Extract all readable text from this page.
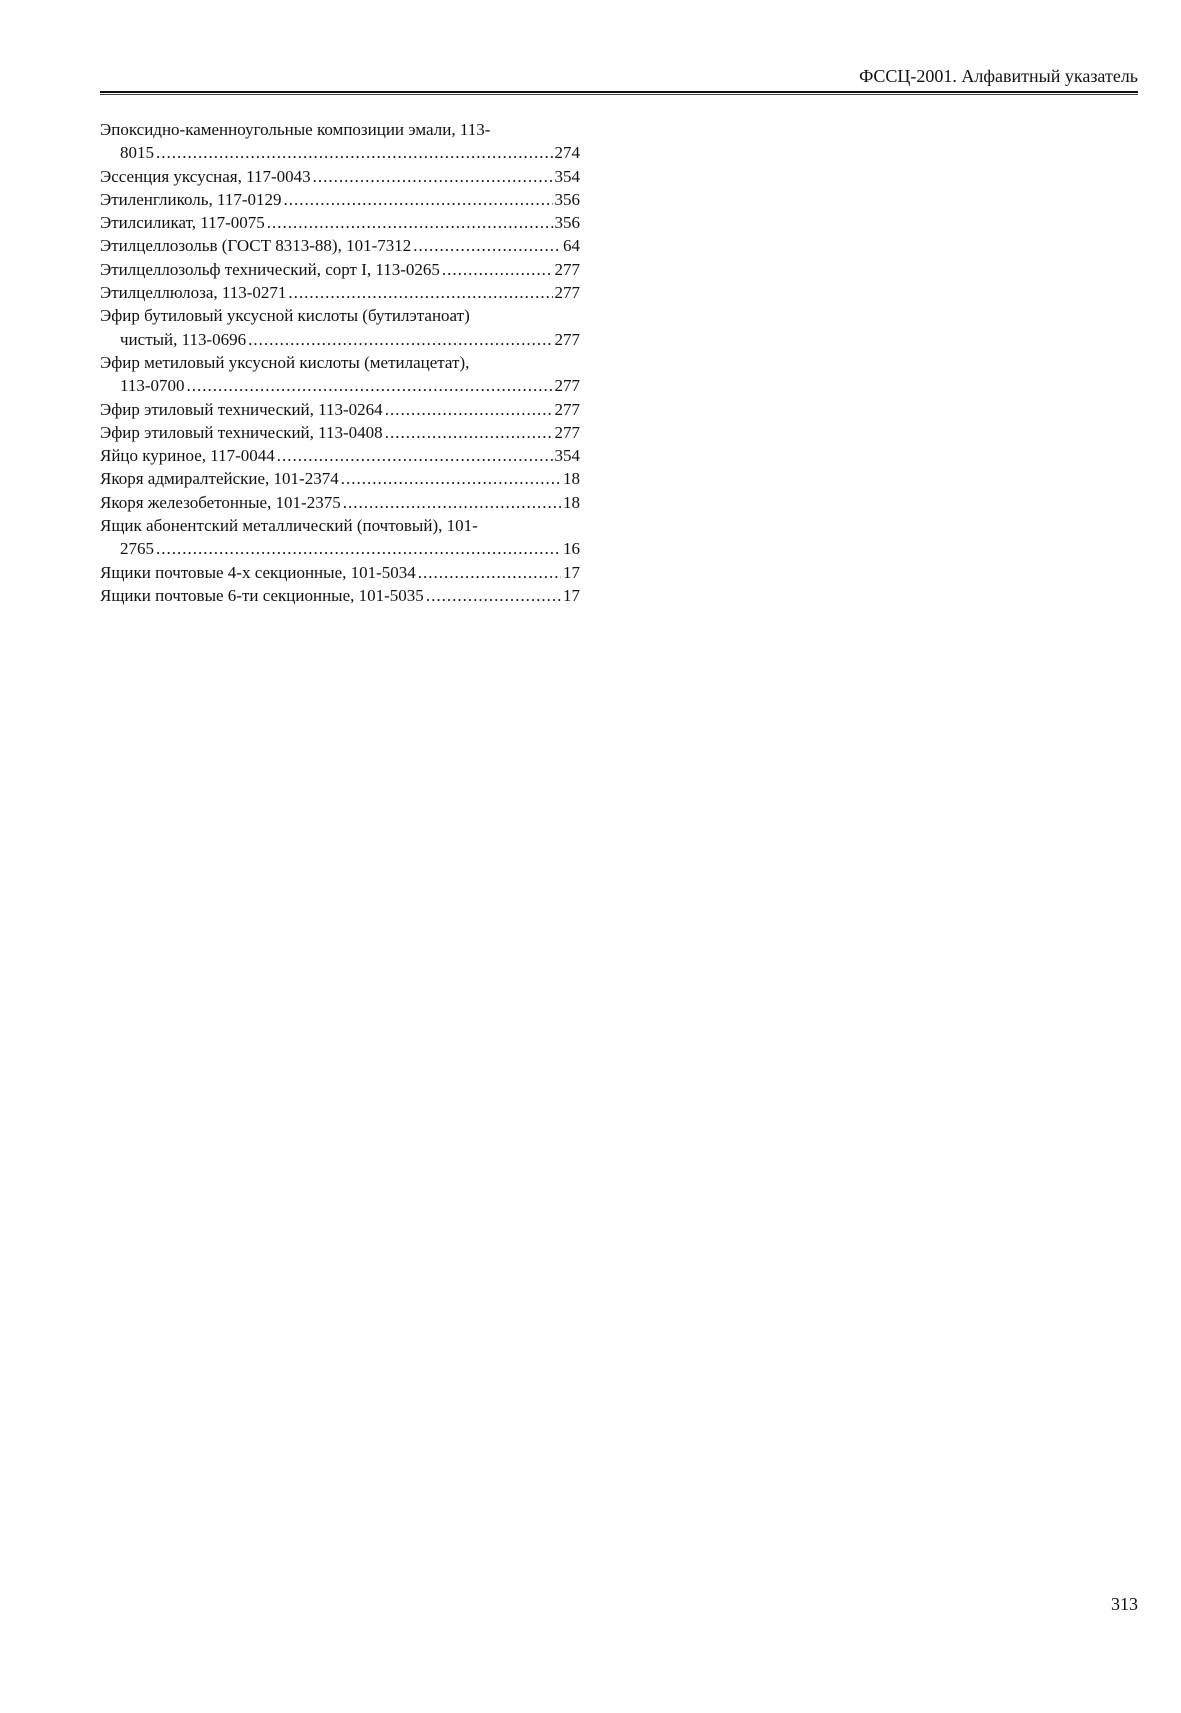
ФССЦ-2001. Алфавитный указатель
Эпоксидно-каменноугольные композиции эмали, 113-
8015 .....	274
Эссенция уксусная, 117-0043 .....	354
Этиленгликоль, 117-0129 .....	356
Этилсиликат, 117-0075 .....	356
Этилцеллозольв (ГОСТ 8313-88), 101-7312 .....	64
Этилцеллозольф технический, сорт I, 113-0265 .....	277
Этилцеллюлоза, 113-0271 .....	277
Эфир бутиловый уксусной кислоты (бутилэтаноат)
чистый, 113-0696 .....	277
Эфир метиловый уксусной кислоты (метилацетат),
113-0700 .....	277
Эфир этиловый технический, 113-0264 .....	277
Эфир этиловый технический, 113-0408 .....	277
Яйцо куриное, 117-0044 .....	354
Якоря адмиралтейские, 101-2374 .....	18
Якоря железобетонные, 101-2375 .....	18
Ящик абонентский металлический (почтовый), 101-
2765 .....	16
Ящики почтовые 4-х секционные, 101-5034 .....	17
Ящики почтовые 6-ти секционные, 101-5035 .....	17
313
